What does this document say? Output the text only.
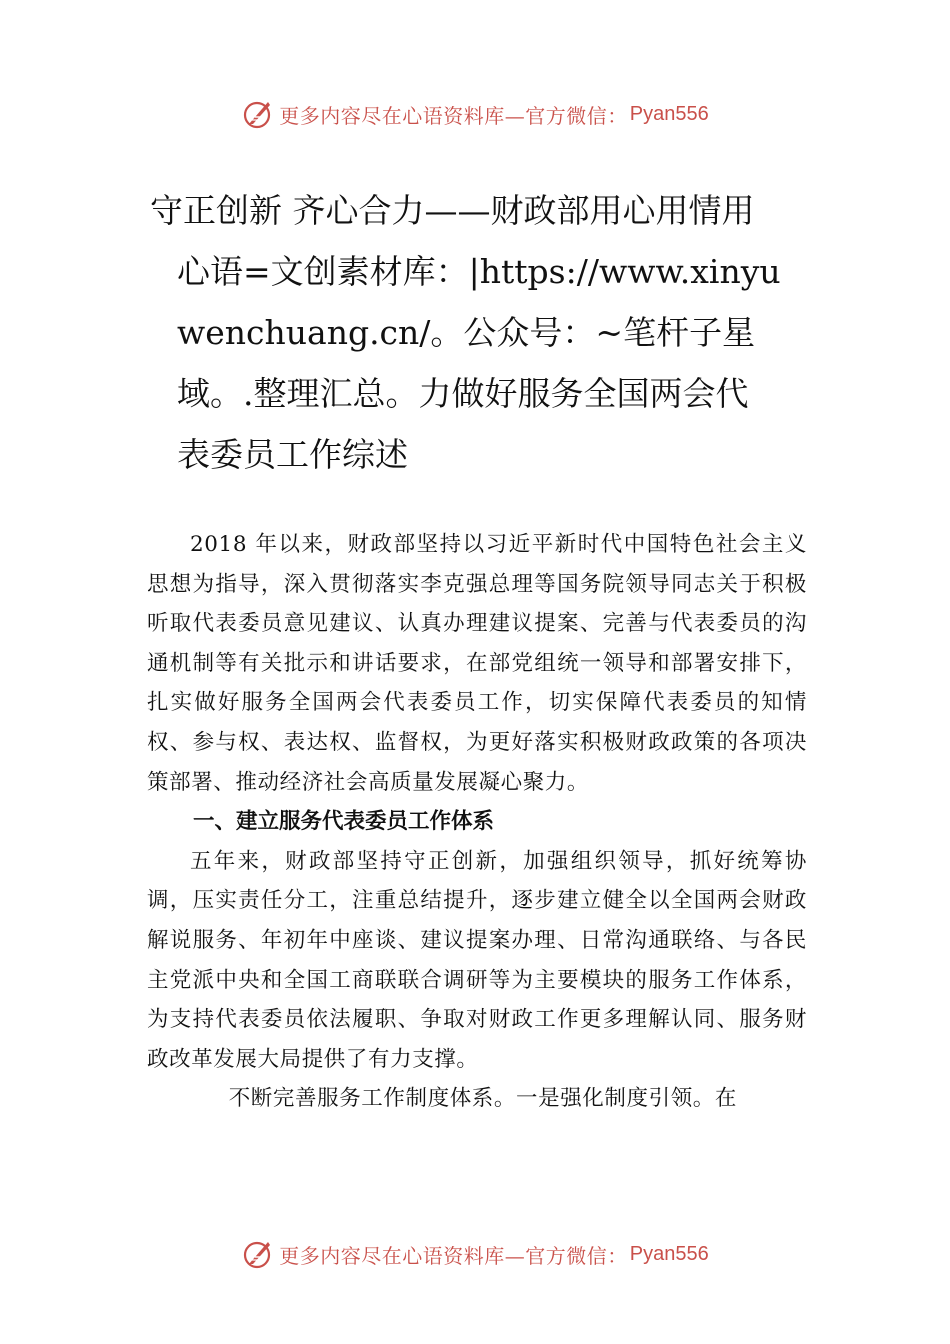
更多内容尽在心语资料库—官方微信： Pyan556
守正创新 齐心合力——财政部用心用情用
心语=文创素材库：|https://www.xinyu
wenchuang.cn/。公众号：~笔杆子星
域。.整理汇总。力做好服务全国两会代
表委员工作综述

2018 年以来，财政部坚持以习近平新时代中国特色社会主义思想为指导，深入贯彻落实李克强总理等国务院领导同志关于积极听取代表委员意见建议、认真办理建议提案、完善与代表委员的沟通机制等有关批示和讲话要求，在部党组统一领导和部署安排下，扎实做好服务全国两会代表委员工作，切实保障代表委员的知情权、参与权、表达权、监督权，为更好落实积极财政政策的各项决策部署、推动经济社会高质量发展凝心聚力。

一、建立服务代表委员工作体系

五年来，财政部坚持守正创新，加强组织领导，抓好统筹协调，压实责任分工，注重总结提升，逐步建立健全以全国两会财政解说服务、年初年中座谈、建议提案办理、日常沟通联络、与各民主党派中央和全国工商联联合调研等为主要模块的服务工作体系，为支持代表委员依法履职、争取对财政工作更多理解认同、服务财政改革发展大局提供了有力支撑。

不断完善服务工作制度体系。一是强化制度引领。在

更多内容尽在心语资料库—官方微信： Pyan556
